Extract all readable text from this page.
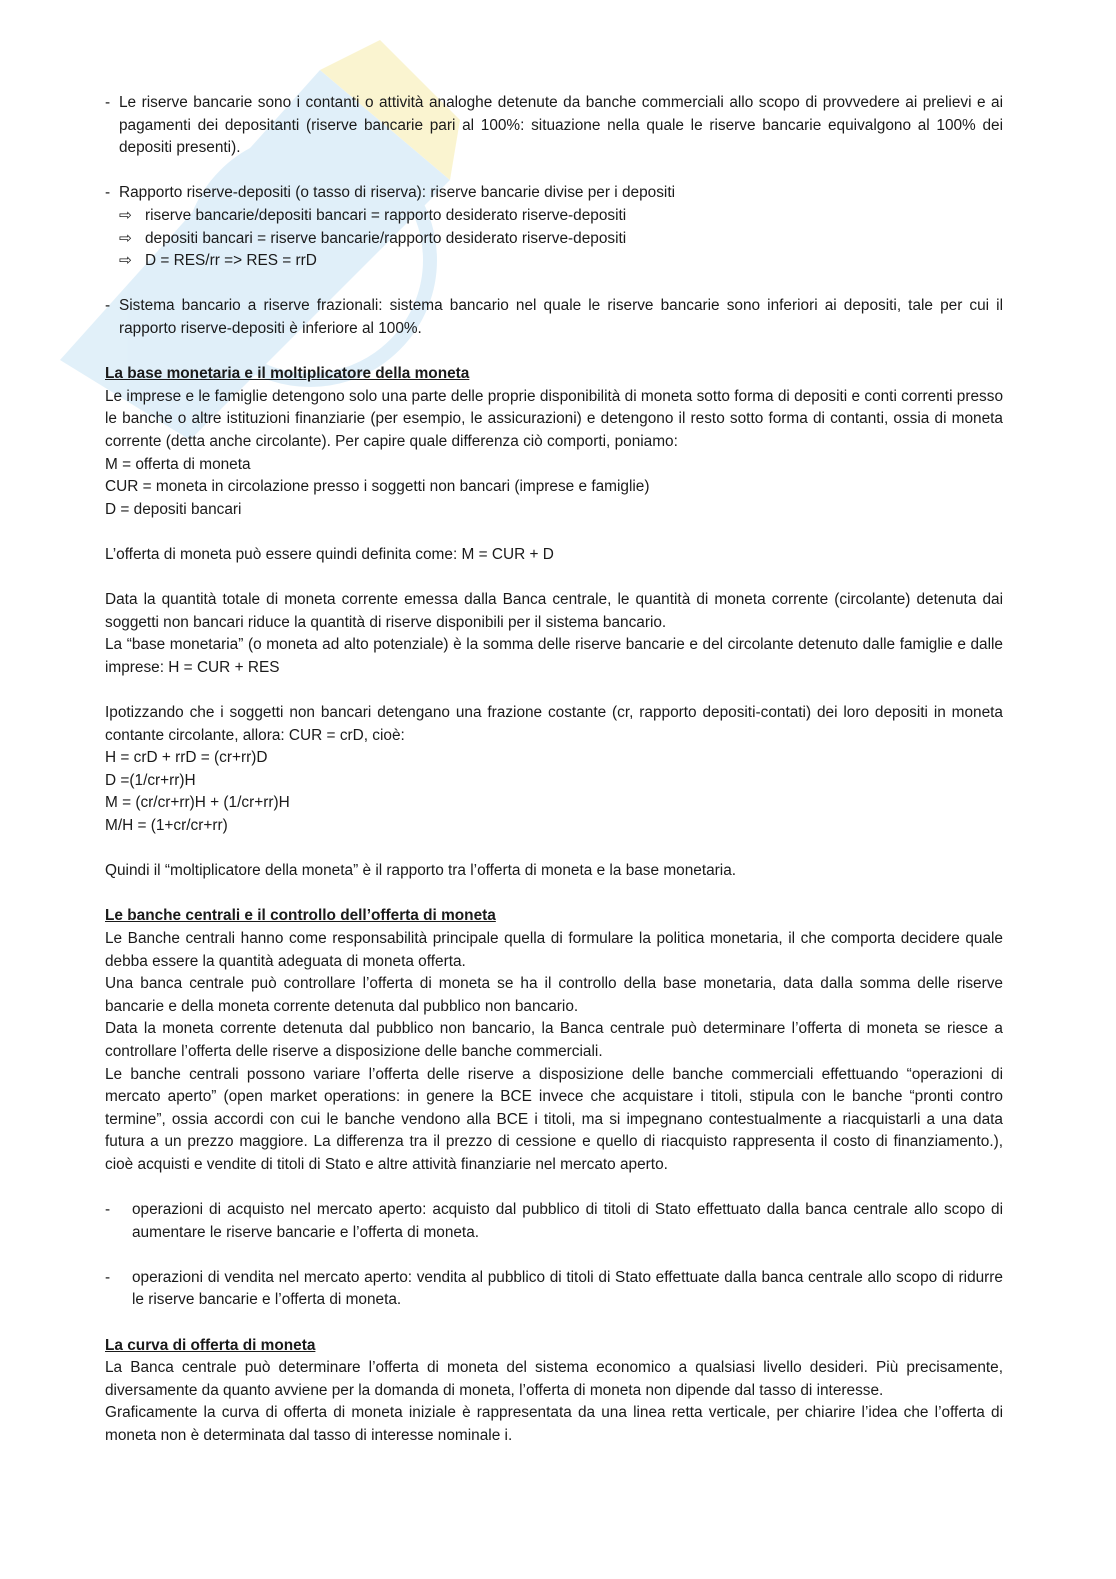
- Le riserve bancarie sono i contanti o attività analoghe detenute da banche commerciali allo scopo di provvedere ai prelievi e ai pagamenti dei depositanti (riserve bancarie pari al 100%: situazione nella quale le riserve bancarie equivalgono al 100% dei depositi presenti).

- Rapporto riserve-depositi (o tasso di riserva): riserve bancarie divise per i depositi

⇨ riserve bancarie/depositi bancari = rapporto desiderato riserve-depositi

⇨ depositi bancari = riserve bancarie/rapporto desiderato riserve-depositi

⇨ D = RES/rr => RES = rrD

- Sistema bancario a riserve frazionali: sistema bancario nel quale le riserve bancarie sono inferiori ai depositi, tale per cui il rapporto riserve-depositi è inferiore al 100%.

La base monetaria e il moltiplicatore della moneta

Le imprese e le famiglie detengono solo una parte delle proprie disponibilità di moneta sotto forma di depositi e conti correnti presso le banche o altre istituzioni finanziarie (per esempio, le assicurazioni) e detengono il resto sotto forma di contanti, ossia di moneta corrente (detta anche circolante). Per capire quale differenza ciò comporti, poniamo:

M = offerta di moneta

CUR = moneta in circolazione presso i soggetti non bancari (imprese e famiglie)

D = depositi bancari

L’offerta di moneta può essere quindi definita come: M = CUR + D

Data la quantità totale di moneta corrente emessa dalla Banca centrale, le quantità di moneta corrente (circolante) detenuta dai soggetti non bancari riduce la quantità di riserve disponibili per il sistema bancario.

La “base monetaria” (o moneta ad alto potenziale) è la somma delle riserve bancarie e del circolante detenuto dalle famiglie e dalle imprese: H = CUR + RES

Ipotizzando che i soggetti non bancari detengano una frazione costante (cr, rapporto depositi-contati) dei loro depositi in moneta contante circolante, allora: CUR = crD, cioè:

H = crD + rrD = (cr+rr)D

D =(1/cr+rr)H

M = (cr/cr+rr)H + (1/cr+rr)H

M/H = (1+cr/cr+rr)

Quindi il “moltiplicatore della moneta” è il rapporto tra l’offerta di moneta e la base monetaria.

Le banche centrali e il controllo dell’offerta di moneta

Le Banche centrali hanno come responsabilità principale quella di formulare la politica monetaria, il che comporta decidere quale debba essere la quantità adeguata di moneta offerta.

Una banca centrale può controllare l’offerta di moneta se ha il controllo della base monetaria, data dalla somma delle riserve bancarie e della moneta corrente detenuta dal pubblico non bancario.

Data la moneta corrente detenuta dal pubblico non bancario, la Banca centrale può determinare l’offerta di moneta se riesce a controllare l’offerta delle riserve a disposizione delle banche commerciali.

Le banche centrali possono variare l’offerta delle riserve a disposizione delle banche commerciali effettuando “operazioni di mercato aperto” (open market operations: in genere la BCE invece che acquistare i titoli, stipula con le banche “pronti contro termine”, ossia accordi con cui le banche vendono alla BCE i titoli, ma si impegnano contestualmente a riacquistarli a una data futura a un prezzo maggiore. La differenza tra il prezzo di cessione e quello di riacquisto rappresenta il costo di finanziamento.), cioè acquisti e vendite di titoli di Stato e altre attività finanziarie nel mercato aperto.

- operazioni di acquisto nel mercato aperto: acquisto dal pubblico di titoli di Stato effettuato dalla banca centrale allo scopo di aumentare le riserve bancarie e l’offerta di moneta.

- operazioni di vendita nel mercato aperto: vendita al pubblico di titoli di Stato effettuate dalla banca centrale allo scopo di ridurre le riserve bancarie e l’offerta di moneta.

La curva di offerta di moneta

La Banca centrale può determinare l’offerta di moneta del sistema economico a qualsiasi livello desideri. Più precisamente, diversamente da quanto avviene per la domanda di moneta, l’offerta di moneta non dipende dal tasso di interesse.

Graficamente la curva di offerta di moneta iniziale è rappresentata da una linea retta verticale, per chiarire l’idea che l’offerta di moneta non è determinata dal tasso di interesse nominale i.
